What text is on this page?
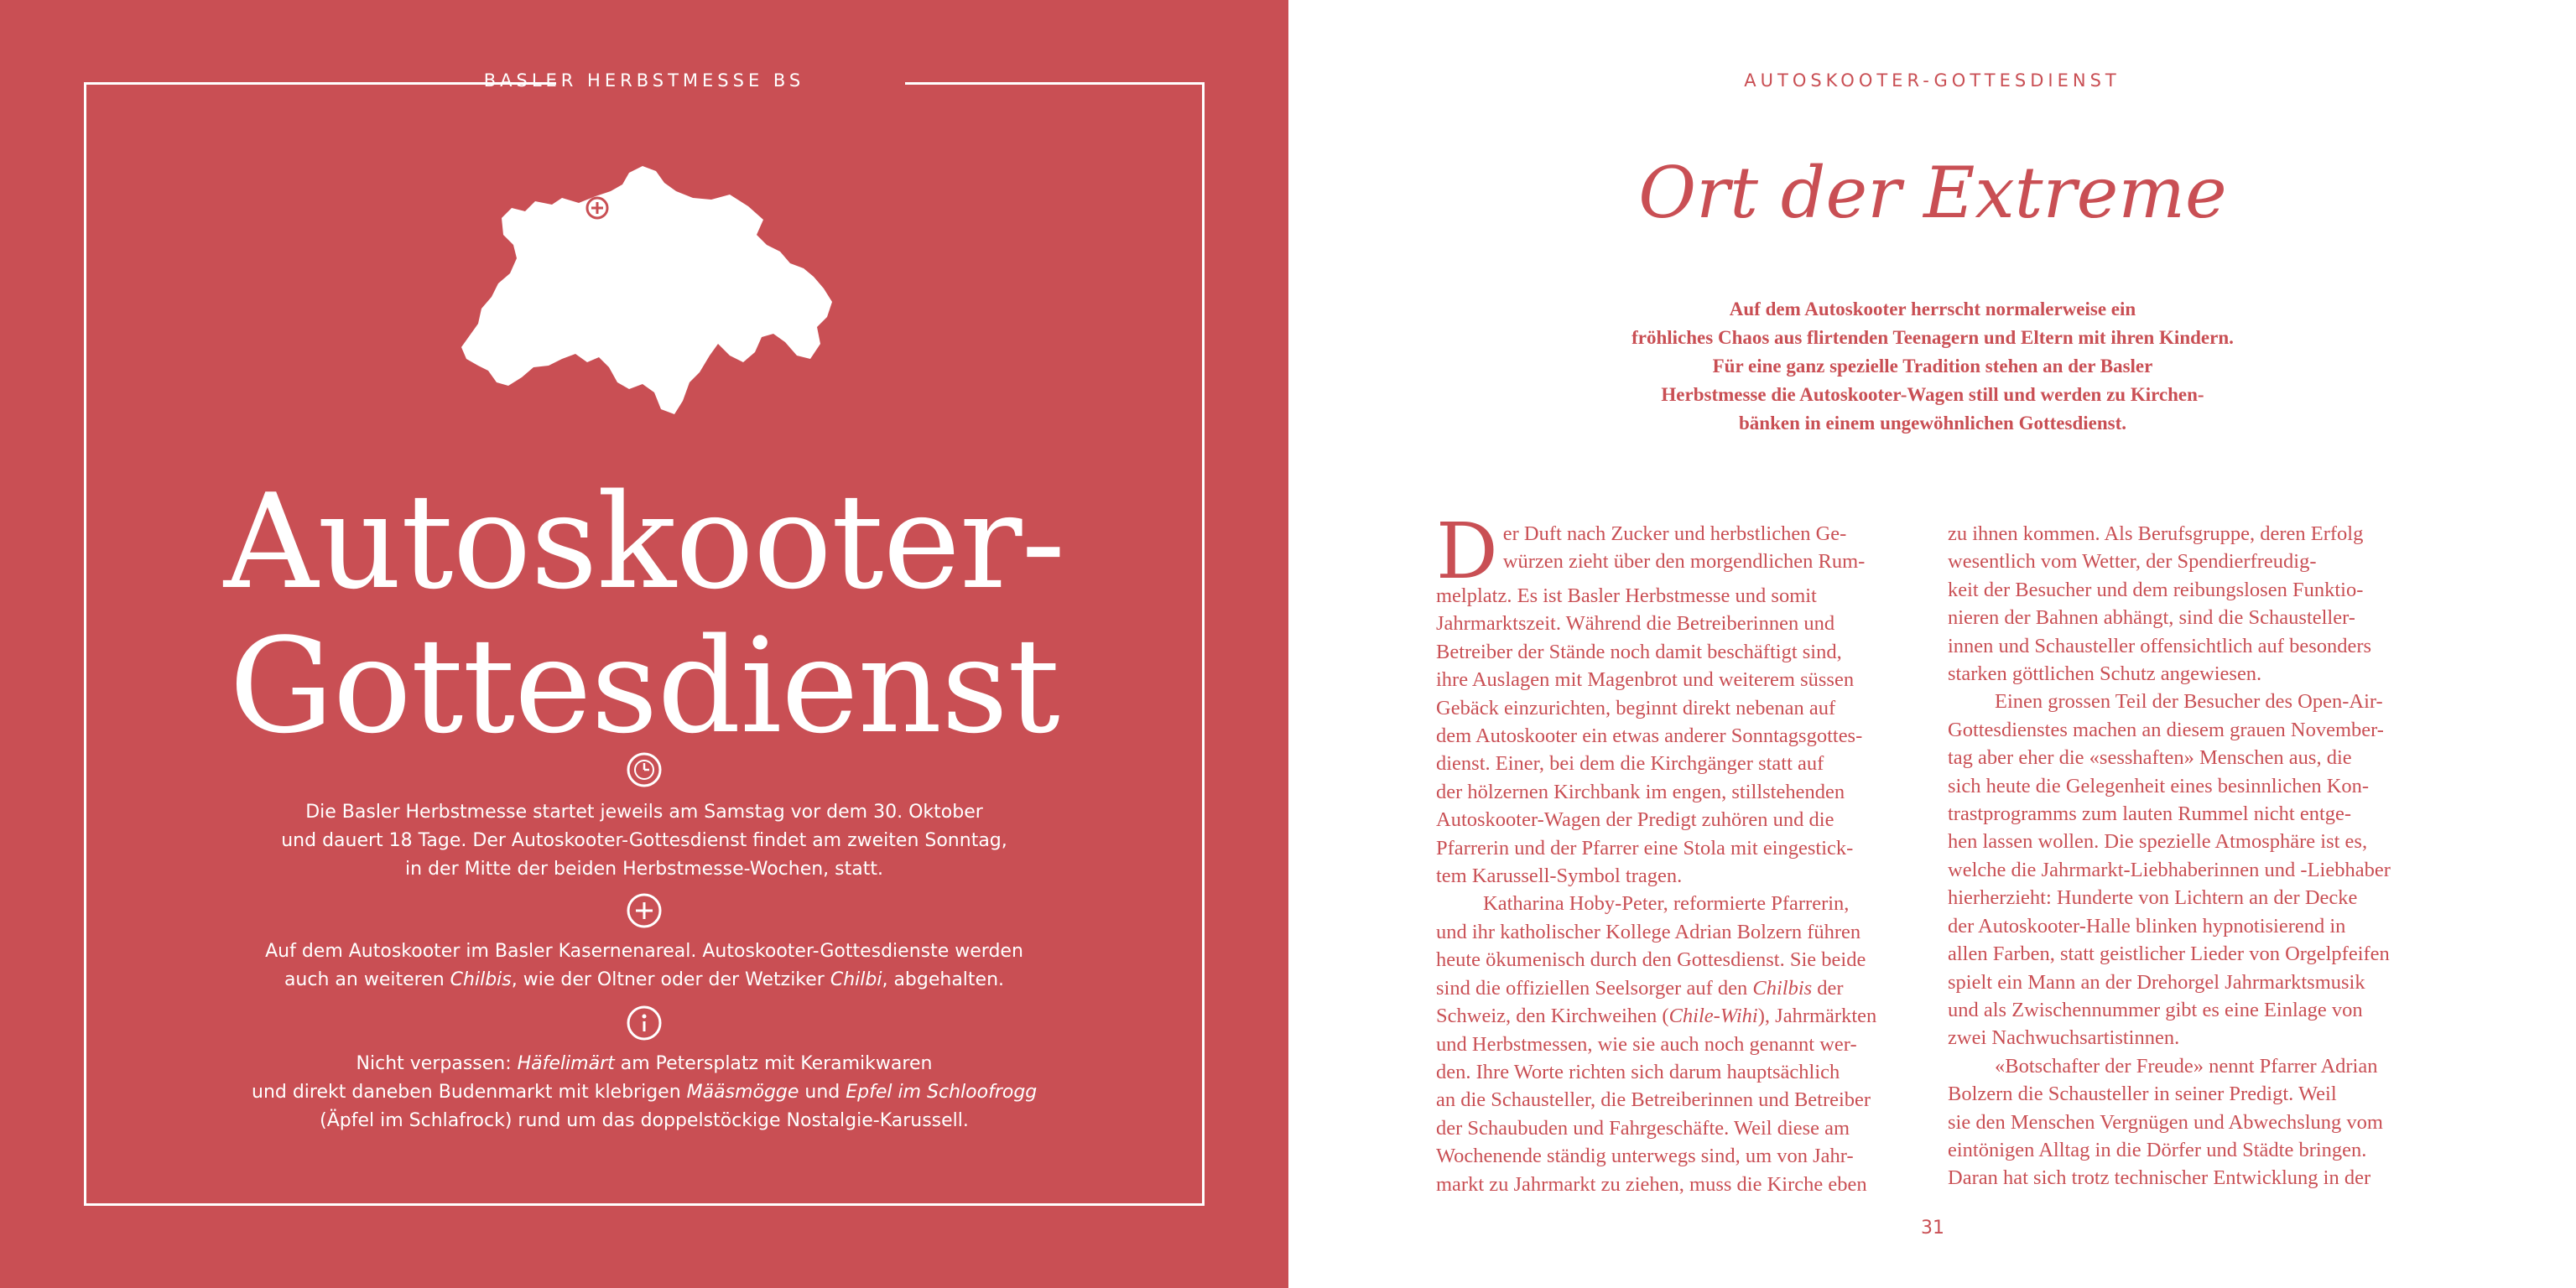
BASLER HERBSTMESSE BS
Autoskooter-
Gottesdienst
Die Basler Herbstmesse startet jeweils am Samstag vor dem 30. Oktober
und dauert 18 Tage. Der Autoskooter-Gottesdienst findet am zweiten Sonntag,
in der Mitte der beiden Herbstmesse-Wochen, statt.
Auf dem Autoskooter im Basler Kasernenareal. Autoskooter-Gottesdienste werden
auch an weiteren Chilbis, wie der Oltner oder der Wetziker Chilbi, abgehalten.
Nicht verpassen: Häfelimärt am Petersplatz mit Keramikwaren
und direkt daneben Budenmarkt mit klebrigen Määsmögge und Epfel im Schloofrogg
(Äpfel im Schlafrock) rund um das doppelstöckige Nostalgie-Karussell.
AUTOSKOOTER-GOTTESDIENST
Ort der Extreme
Auf dem Autoskooter herrscht normalerweise ein
fröhliches Chaos aus flirtenden Teenagern und Eltern mit ihren Kindern.
Für eine ganz spezielle Tradition stehen an der Basler
Herbstmesse die Autoskooter-Wagen still und werden zu Kirchen-
bänken in einem ungewöhnlichen Gottesdienst.
D er Duft nach Zucker und herbstlichen Ge-
würzen zieht über den morgendlichen Rum-
melplatz. Es ist Basler Herbstmesse und somit
Jahrmarktszeit. Während die Betreiberinnen und
Betreiber der Stände noch damit beschäftigt sind,
ihre Auslagen mit Magenbrot und weiterem süssen
Gebäck einzurichten, beginnt direkt nebenan auf
dem Autoskooter ein etwas anderer Sonntagsgottes-
dienst. Einer, bei dem die Kirchgänger statt auf
der hölzernen Kirchbank im engen, stillstehenden
Autoskooter-Wagen der Predigt zuhören und die
Pfarrerin und der Pfarrer eine Stola mit eingestick-
tem Karussell-Symbol tragen.
Katharina Hoby-Peter, reformierte Pfarrerin,
und ihr katholischer Kollege Adrian Bolzern führen
heute ökumenisch durch den Gottesdienst. Sie beide
sind die offiziellen Seelsorger auf den Chilbis der
Schweiz, den Kirchweihen (Chile-Wihi), Jahrmärkten
und Herbstmessen, wie sie auch noch genannt wer-
den. Ihre Worte richten sich darum hauptsächlich
an die Schausteller, die Betreiberinnen und Betreiber
der Schaubuden und Fahrgeschäfte. Weil diese am
Wochenende ständig unterwegs sind, um von Jahr-
markt zu Jahrmarkt zu ziehen, muss die Kirche eben
zu ihnen kommen. Als Berufsgruppe, deren Erfolg
wesentlich vom Wetter, der Spendierfreudig-
keit der Besucher und dem reibungslosen Funktio-
nieren der Bahnen abhängt, sind die Schausteller-
innen und Schausteller offensichtlich auf besonders
starken göttlichen Schutz angewiesen.
Einen grossen Teil der Besucher des Open-Air-
Gottesdienstes machen an diesem grauen November-
tag aber eher die «sesshaften» Menschen aus, die
sich heute die Gelegenheit eines besinnlichen Kon-
trastprogramms zum lauten Rummel nicht entge-
hen lassen wollen. Die spezielle Atmosphäre ist es,
welche die Jahrmarkt-Liebhaberinnen und -Liebhaber
hierherzieht: Hunderte von Lichtern an der Decke
der Autoskooter-Halle blinken hypnotisierend in
allen Farben, statt geistlicher Lieder von Orgelpfeifen
spielt ein Mann an der Drehorgel Jahrmarktsmusik
und als Zwischennummer gibt es eine Einlage von
zwei Nachwuchsartistinnen.
«Botschafter der Freude» nennt Pfarrer Adrian
Bolzern die Schausteller in seiner Predigt. Weil
sie den Menschen Vergnügen und Abwechslung vom
eintönigen Alltag in die Dörfer und Städte bringen.
Daran hat sich trotz technischer Entwicklung in der
31
